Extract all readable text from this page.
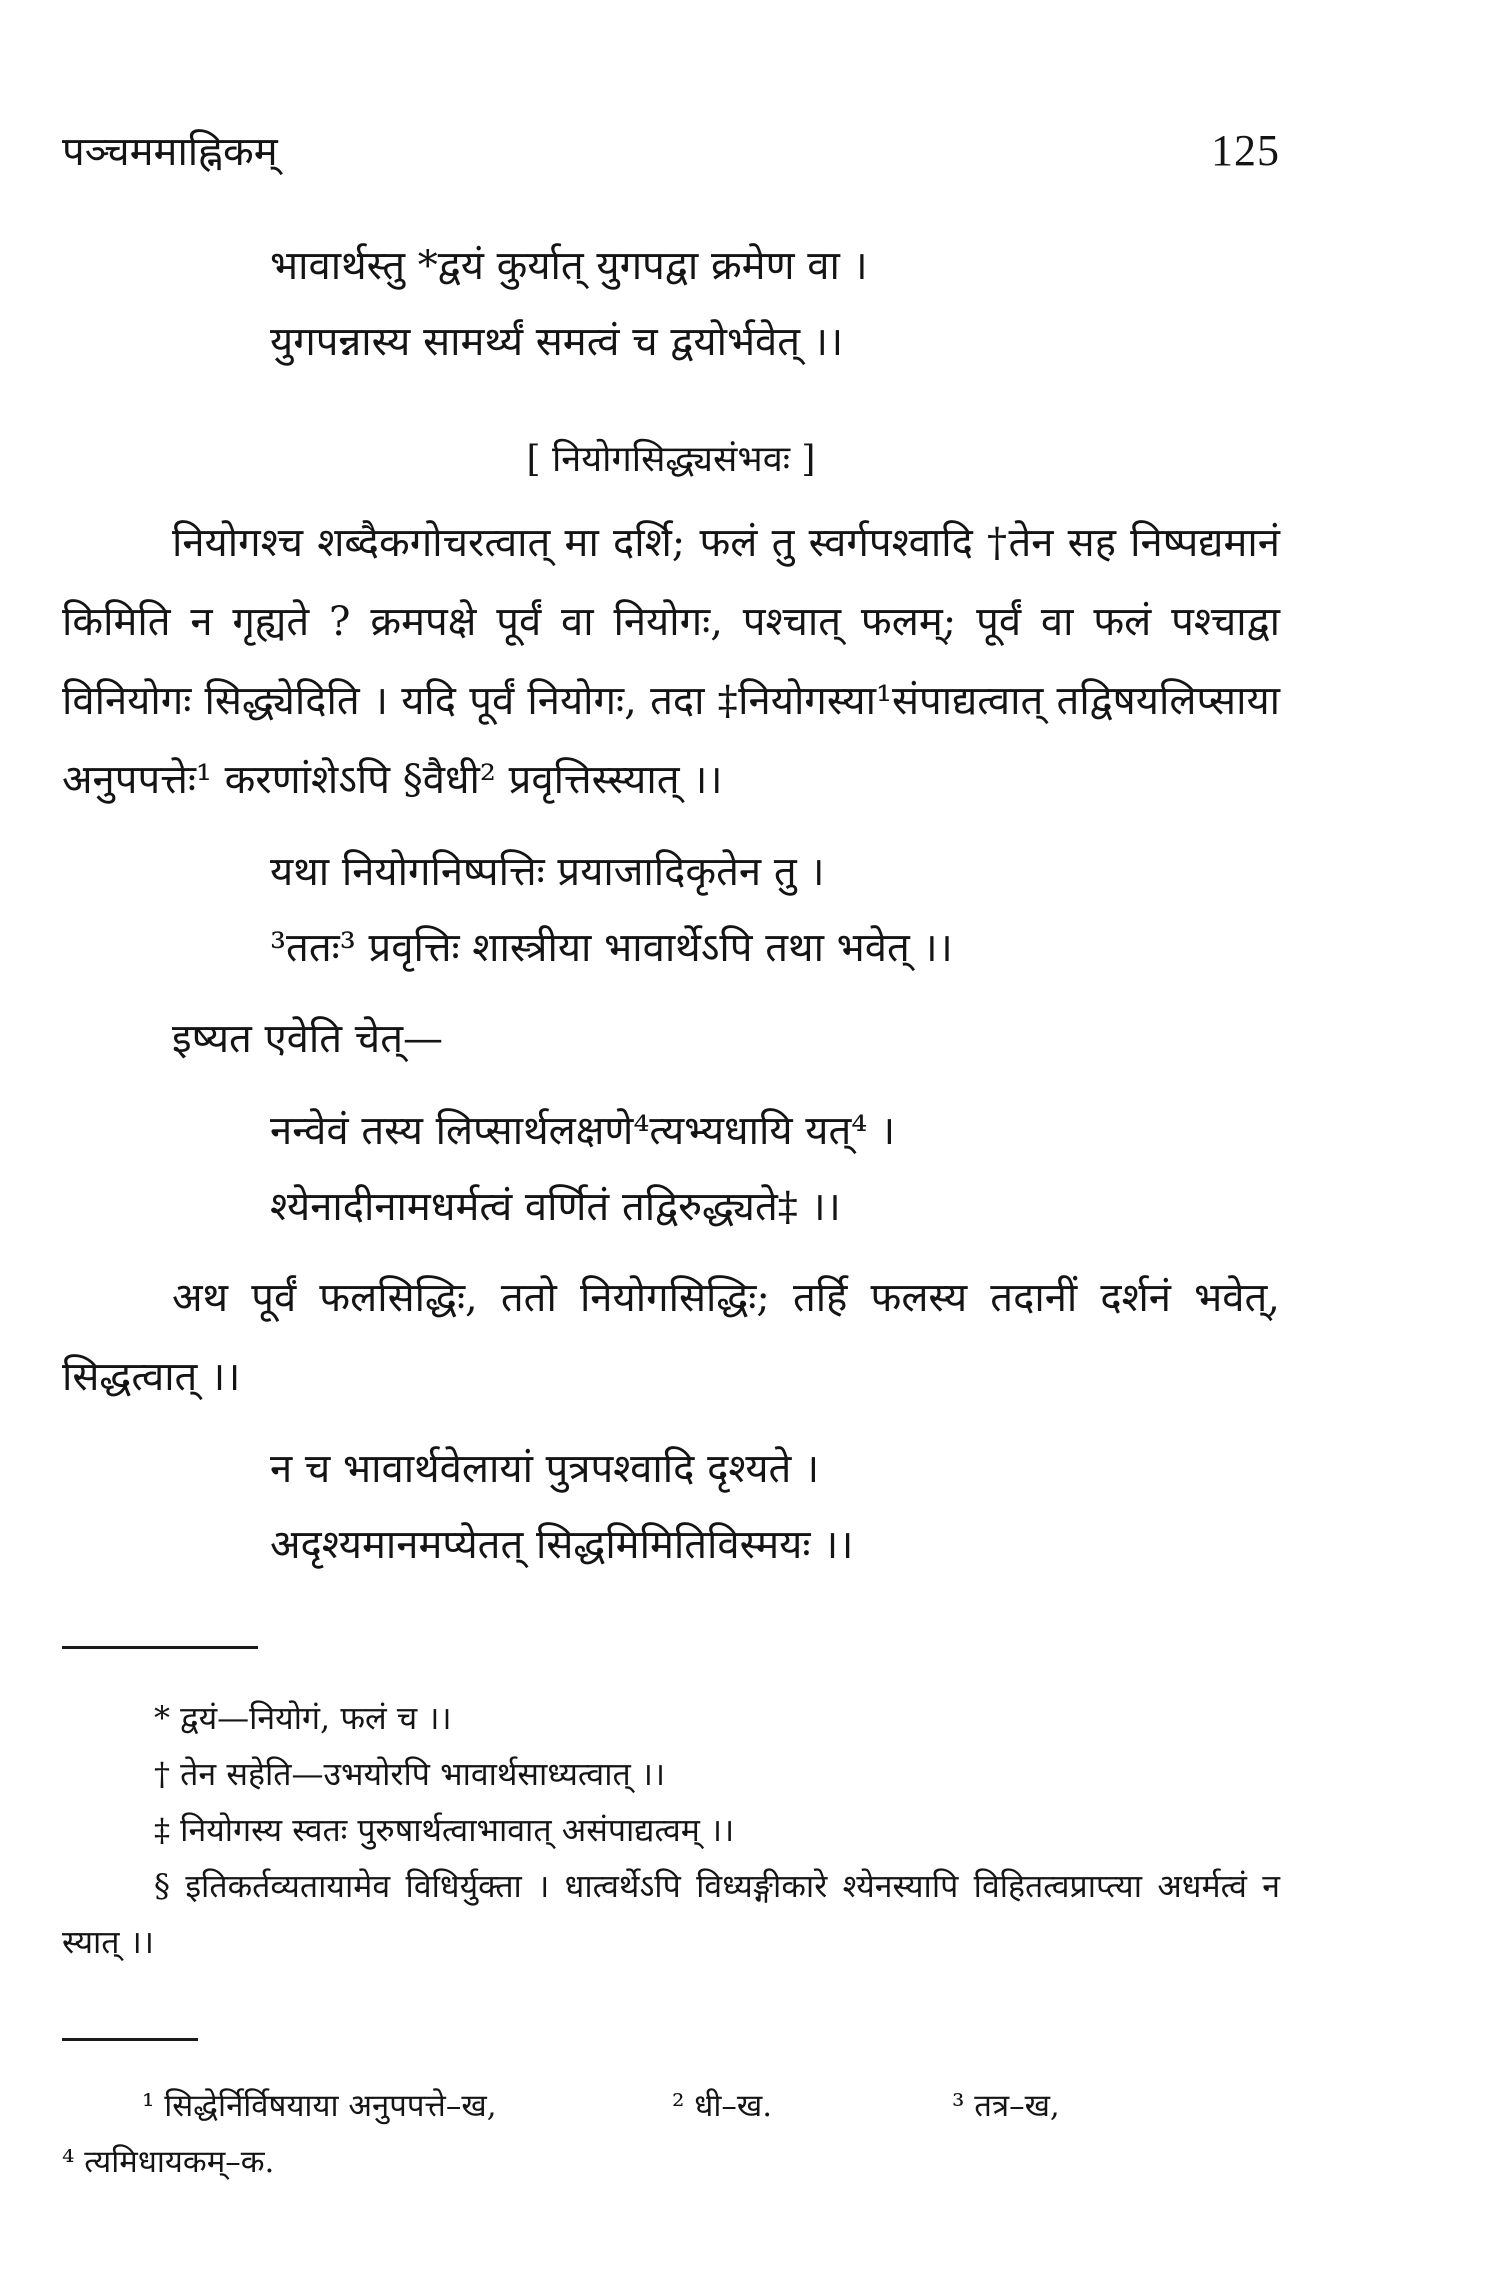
पञ्चममाह्निकम्	125
भावार्थस्तु *द्वयं कुर्यात् युगपद्वा क्रमेण वा ।
युगपन्नास्य सामर्थ्यं समत्वं च द्वयोर्भवेत् ।।
[ नियोगसिद्ध्यसंभवः ]

नियोगश्च शब्दैकगोचरत्वात् मा दर्शि; फलं तु स्वर्गपश्वादि †तेन सह निष्पद्यमानं किमिति न गृह्यते ? क्रमपक्षे पूर्वं वा नियोगः, पश्चात् फलम्; पूर्वं वा फलं पश्चाद्वा विनियोगः सिद्ध्येदिति । यदि पूर्वं नियोगः, तदा ‡नियोगस्या¹संपाद्यत्वात् तद्विषयलिप्साया अनुपपत्तेः¹ करणांशेऽपि §वैधी² प्रवृत्तिस्स्यात् ।।

यथा नियोगनिष्पत्तिः प्रयाजादिकृतेन तु ।
³ततः³ प्रवृत्तिः शास्त्रीया भावार्थेऽपि तथा भवेत् ।।

इष्यत एवेति चेत्—

नन्वेवं तस्य लिप्सार्थलक्षणे⁴त्यभ्यधायि यत्⁴ ।
श्येनादीनामधर्मत्वं वर्णितं तद्विरुद्ध्यते‡ ।।

अथ पूर्वं फलसिद्धिः, ततो नियोगसिद्धिः; तर्हि फलस्य तदानीं दर्शनं भवेत्, सिद्धत्वात् ।।

न च भावार्थवेलायां पुत्रपश्वादि दृश्यते ।
अदृश्यमानमप्येतत् सिद्धमिमितिविस्मयः ।।
* द्वयं—नियोगं, फलं च ।।
† तेन सहेति—उभयोरपि भावार्थसाध्यत्वात् ।।
‡ नियोगस्य स्वतः पुरुषार्थत्वाभावात् असंपाद्यत्वम् ।।
§ इतिकर्तव्यतायामेव विधिर्युक्ता । धात्वर्थेऽपि विध्यङ्गीकारे श्येनस्यापि विहितत्वप्राप्त्या अधर्मत्वं न स्यात् ।।
¹ सिद्धेर्निर्विषयाया अनुपपत्ते–ख,	² धी–ख.	³ तत्र–ख,
⁴ त्यमिधायकम्–क.
